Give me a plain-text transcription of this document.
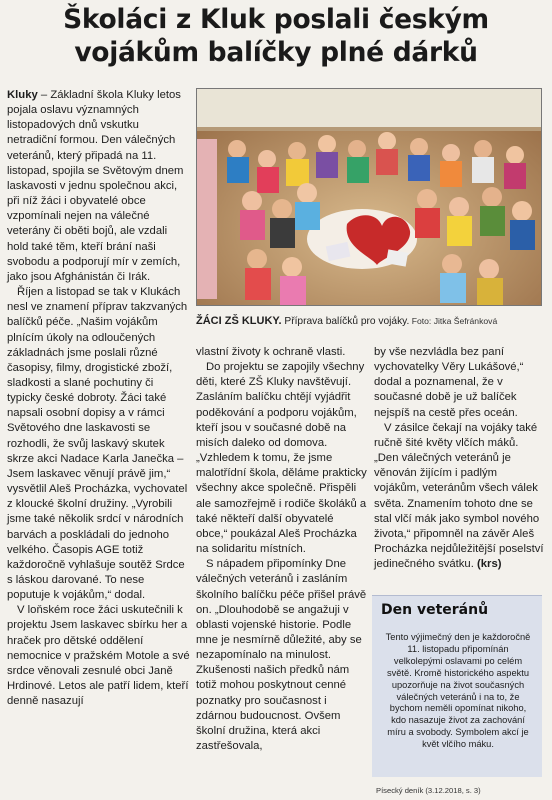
Školáci z Kluk poslali českým vojákům balíčky plné dárků

Kluky – Základní škola Kluky letos pojala oslavu významných listopadových dnů vskutku netradiční formou. Den válečných veteránů, který připadá na 11. listopad, spojila se Světovým dnem laskavosti v jednu společnou akci, při níž žáci i obyvatelé obce vzpomínali nejen na válečné veterány či oběti bojů, ale vzdali hold také těm, kteří brání naši svobodu a podporují mír v zemích, jako jsou Afghánistán či Irák.

Říjen a listopad se tak v Klukách nesl ve znamení příprav takzvaných balíčků péče. „Našim vojákům plnícím úkoly na odloučených základnách jsme poslali různé časopisy, filmy, drogistické zboží, sladkosti a slané pochutiny či typicky české dobroty. Žáci také napsali osobní dopisy a v rámci Světového dne laskavosti se rozhodli, že svůj laskavý skutek skrze akci Nadace Karla Janečka – Jsem laskavec věnují právě jim,“ vysvětlil Aleš Procházka, vychovatel z kloucké školní družiny. „Vyrobili jsme také několik srdcí v národních barvách a poskládali do jednoho velkého. Časopis AGE totiž každoročně vyhlašuje soutěž Srdce s láskou darované. To nese poputuje k vojákům,“ dodal.

V loňském roce žáci uskutečnili k projektu Jsem laskavec sbírku her a hraček pro dětské oddělení nemocnice v pražském Motole a své srdce věnovali zesnulé obci Janě Hrdinové. Letos ale patří lidem, kteří denně nasazují

ŽÁCI ZŠ KLUKY. Příprava balíčků pro vojáky. Foto: Jitka Šefránková

vlastní životy k ochraně vlasti.

Do projektu se zapojily všechny děti, které ZŠ Kluky navštěvují. Zasláním balíčku chtějí vyjádřit poděkování a podporu vojákům, kteří jsou v současné době na misích daleko od domova. „Vzhledem k tomu, že jsme malotřídní škola, děláme prakticky všechny akce společně. Přispěli ale samozřejmě i rodiče školáků a také někteří další obyvatelé obce,“ poukázal Aleš Procházka na solidaritu místních.

S nápadem připomínky Dne válečných veteránů i zasláním školního balíčku péče přišel právě on. „Dlouhodobě se angažuji v oblasti vojenské historie. Podle mne je nesmírně důležité, aby se nezapomínalo na minulost. Zkušenosti našich předků nám totiž mohou poskytnout cenné poznatky pro současnost i zdárnou budoucnost. Ovšem školní družina, která akci zastřešovala,

by vše nezvládla bez paní vychovatelky Věry Lukášové,“ dodal a poznamenal, že v současné době je už balíček nejspíš na cestě přes oceán.

V zásilce čekají na vojáky také ručně šité květy vlčích máků. „Den válečných veteránů je věnován žijícím i padlým vojákům, veteránům všech válek světa. Znamením tohoto dne se stal vlčí mák jako symbol nového života,“ připomněl na závěr Aleš Procházka nejdůležitější poselství jedinečného svátku. (krs)

Den veteránů
Tento výjimečný den je každoročně 11. listopadu připomínán velkolepými oslavami po celém světě. Kromě historického aspektu upozorňuje na život současných válečných veteránů i na to, že bychom neměli opomínat nikoho, kdo nasazuje život za zachování míru a svobody. Symbolem akcí je květ vlčího máku.
Písecký deník (3.12.2018, s. 3)
